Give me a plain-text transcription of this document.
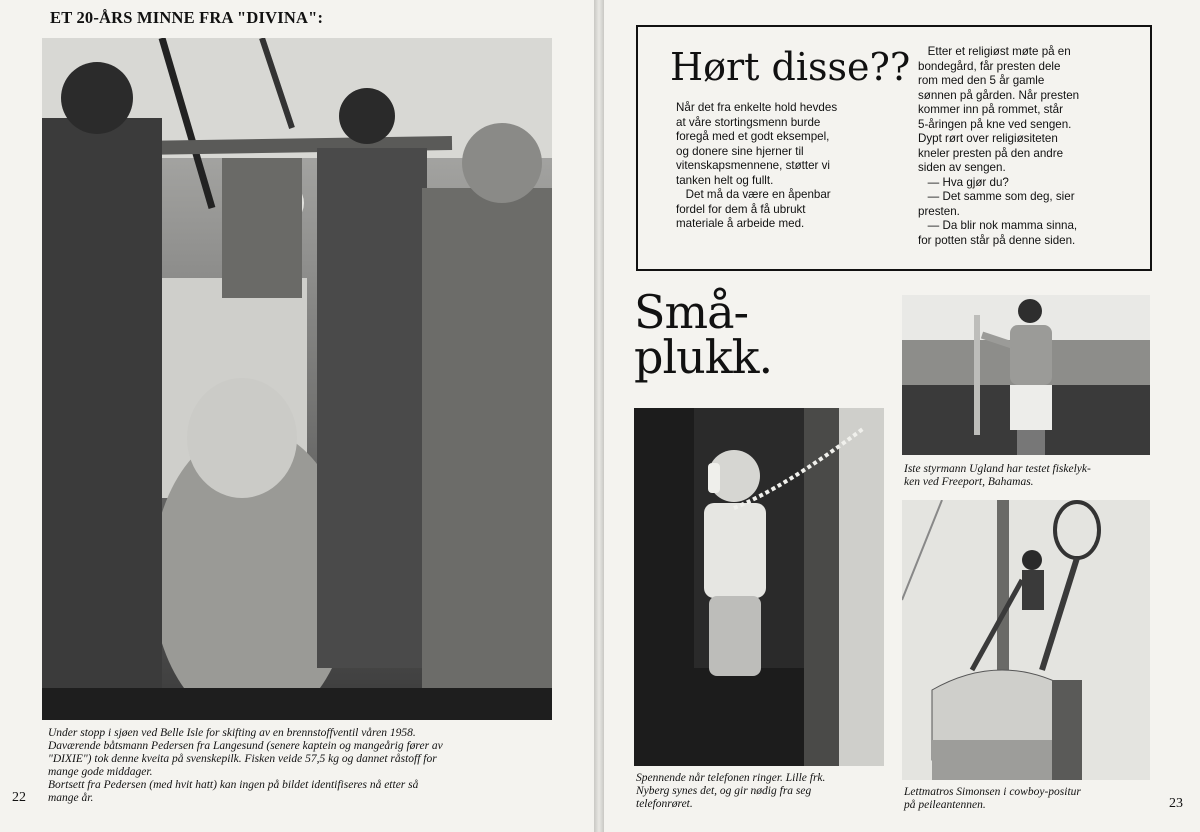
ET 20-ÅRS MINNE FRA "DIVINA":

Under stopp i sjøen ved Belle Isle for skifting av en brennstoffventil våren 1958.

Daværende båtsmann Pedersen fra Langesund (senere kaptein og mangeårig fører av

"DIXIE") tok denne kveita på svenskepilk. Fisken veide 57,5 kg og dannet råstoff for

mange gode middager.

Bortsett fra Pedersen (med hvit hatt) kan ingen på bildet identifiseres nå etter så

mange år.

22
Hørt disse??

Når det fra enkelte hold hevdes

at våre stortingsmenn burde

foregå med et godt eksempel,

og donere sine hjerner til

vitenskapsmennene, støtter vi

tanken helt og fullt.

Det må da være en åpenbar

fordel for dem å få ubrukt

materiale å arbeide med.

Etter et religiøst møte på en

bondegård, får presten dele

rom med den 5 år gamle

sønnen på gården. Når presten

kommer inn på rommet, står

5-åringen på kne ved sengen.

Dypt rørt over religiøsiteten

kneler presten på den andre

siden av sengen.

— Hva gjør du?

— Det samme som deg, sier

presten.

— Da blir nok mamma sinna,

for potten står på denne siden.

Små-
plukk.

Iste styrmann Ugland har testet fiskelyk-

ken ved Freeport, Bahamas.

Spennende når telefonen ringer. Lille frk.

Nyberg synes det, og gir nødig fra seg

telefonrøret.

Lettmatros Simonsen i cowboy-positur

på peileantennen.	23
